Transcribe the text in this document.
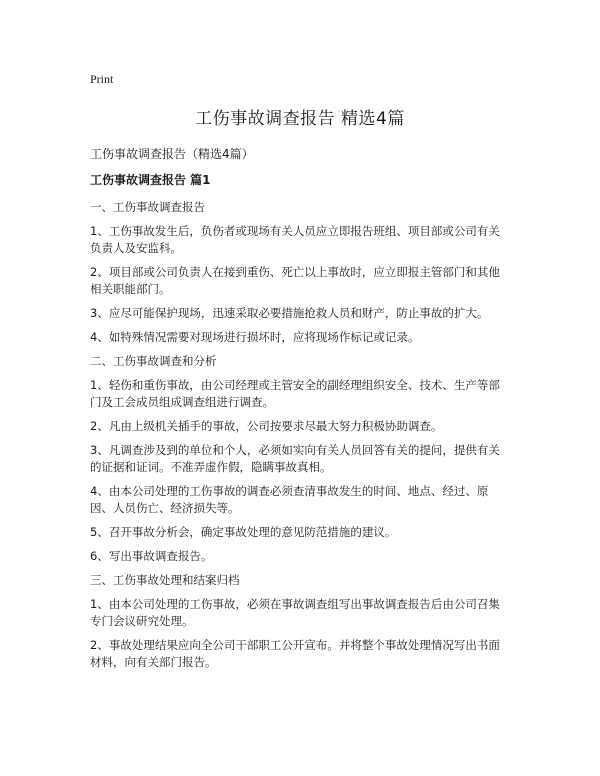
Print
工伤事故调查报告 精选4篇
工伤事故调查报告（精选4篇）
工伤事故调查报告 篇1
一、工伤事故调查报告
1、工伤事故发生后，负伤者或现场有关人员应立即报告班组、项目部或公司有关负责人及安监科。
2、项目部或公司负责人在接到重伤、死亡以上事故时，应立即报主管部门和其他相关职能部门。
3、应尽可能保护现场，迅速采取必要措施抢救人员和财产，防止事故的扩大。
4、如特殊情况需要对现场进行损坏时，应将现场作标记或记录。
二、工伤事故调查和分析
1、轻伤和重伤事故，由公司经理或主管安全的副经理组织安全、技术、生产等部门及工会成员组成调查组进行调查。
2、凡由上级机关插手的事故，公司按要求尽最大努力积极协助调查。
3、凡调查涉及到的单位和个人，必须如实向有关人员回答有关的提问，提供有关的证据和证词。不准弄虚作假，隐瞒事故真相。
4、由本公司处理的工伤事故的调查必须查清事故发生的时间、地点、经过、原因、人员伤亡、经济损失等。
5、召开事故分析会，确定事故处理的意见防范措施的建议。
6、写出事故调查报告。
三、工伤事故处理和结案归档
1、由本公司处理的工伤事故，必须在事故调查组写出事故调查报告后由公司召集专门会议研究处理。
2、事故处理结果应向全公司干部职工公开宣布。并将整个事故处理情况写出书面材料，向有关部门报告。
